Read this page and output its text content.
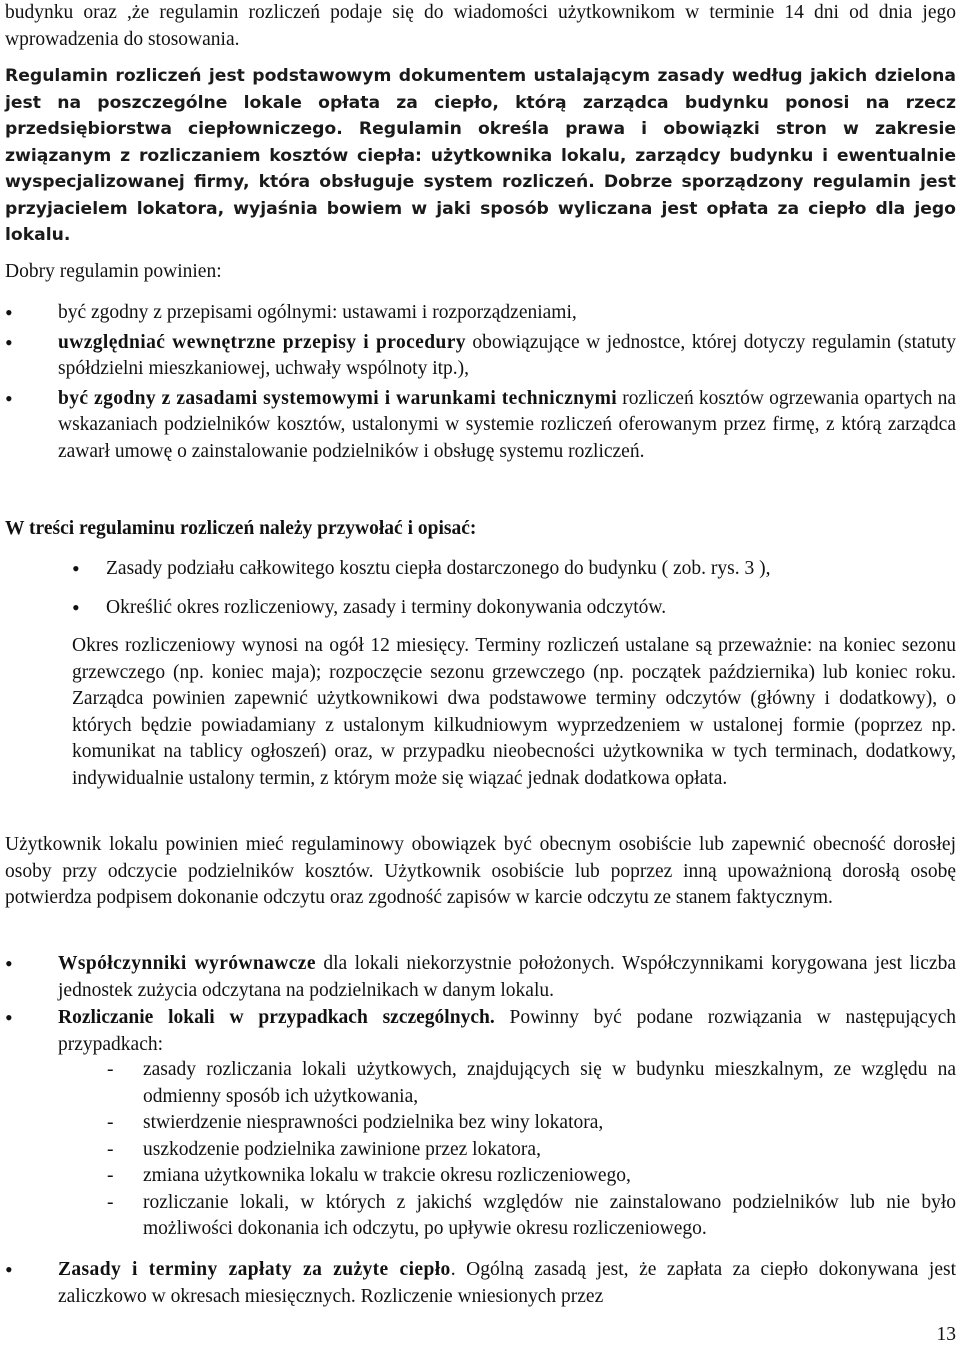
budynku oraz ,że regulamin rozliczeń podaje się do wiadomości użytkownikom w terminie 14 dni od dnia jego wprowadzenia do stosowania.

Regulamin rozliczeń jest podstawowym dokumentem ustalającym zasady według jakich dzielona jest na poszczególne lokale opłata za ciepło, którą zarządca budynku ponosi na rzecz przedsiębiorstwa ciepłowniczego. Regulamin określa prawa i obowiązki stron w zakresie związanym z rozliczaniem kosztów ciepła: użytkownika lokalu, zarządcy budynku i ewentualnie wyspecjalizowanej firmy, która obsługuje system rozliczeń. Dobrze sporządzony regulamin jest przyjacielem lokatora, wyjaśnia bowiem w jaki sposób wyliczana jest opłata za ciepło dla jego lokalu.

Dobry regulamin powinien:

• być zgodny z przepisami ogólnymi: ustawami i rozporządzeniami,
• uwzględniać wewnętrzne przepisy i procedury obowiązujące w jednostce, której dotyczy regulamin (statuty spółdzielni mieszkaniowej, uchwały wspólnoty itp.),
• być zgodny z zasadami systemowymi i warunkami technicznymi rozliczeń kosztów ogrzewania opartych na wskazaniach podzielników kosztów, ustalonymi w systemie rozliczeń oferowanym przez firmę, z którą zarządca zawarł umowę o zainstalowanie podzielników i obsługę systemu rozliczeń.

W treści regulaminu rozliczeń należy przywołać i opisać:

• Zasady podziału całkowitego kosztu ciepła dostarczonego do budynku ( zob. rys. 3 ),
• Określić okres rozliczeniowy, zasady i terminy dokonywania odczytów.

Okres rozliczeniowy wynosi na ogół 12 miesięcy. Terminy rozliczeń ustalane są przeważnie: na koniec sezonu grzewczego (np. koniec maja); rozpoczęcie sezonu grzewczego (np. początek października) lub koniec roku. Zarządca powinien zapewnić użytkownikowi dwa podstawowe terminy odczytów (główny i dodatkowy), o których będzie powiadamiany z ustalonym kilkudniowym wyprzedzeniem w ustalonej formie (poprzez np. komunikat na tablicy ogłoszeń) oraz, w przypadku nieobecności użytkownika w tych terminach, dodatkowy, indywidualnie ustalony termin, z którym może się wiązać jednak dodatkowa opłata.

Użytkownik lokalu powinien mieć regulaminowy obowiązek być obecnym osobiście lub zapewnić obecność dorosłej osoby przy odczycie podzielników kosztów. Użytkownik osobiście lub poprzez inną upoważnioną dorosłą osobę potwierdza podpisem dokonanie odczytu oraz zgodność zapisów w karcie odczytu ze stanem faktycznym.

• Współczynniki wyrównawcze dla lokali niekorzystnie położonych. Współczynnikami korygowana jest liczba jednostek zużycia odczytana na podzielnikach w danym lokalu.
• Rozliczanie lokali w przypadkach szczególnych. Powinny być podane rozwiązania w następujących przypadkach:
- zasady rozliczania lokali użytkowych, znajdujących się w budynku mieszkalnym, ze względu na odmienny sposób ich użytkowania,
- stwierdzenie niesprawności podzielnika bez winy lokatora,
- uszkodzenie podzielnika zawinione przez lokatora,
- zmiana użytkownika lokalu w trakcie okresu rozliczeniowego,
- rozliczanie lokali, w których z jakichś względów nie zainstalowano podzielników lub nie było możliwości dokonania ich odczytu, po upływie okresu rozliczeniowego.
• Zasady i terminy zapłaty za zużyte ciepło. Ogólną zasadą jest, że zapłata za ciepło dokonywana jest zaliczkowo w okresach miesięcznych. Rozliczenie wniesionych przez
13
